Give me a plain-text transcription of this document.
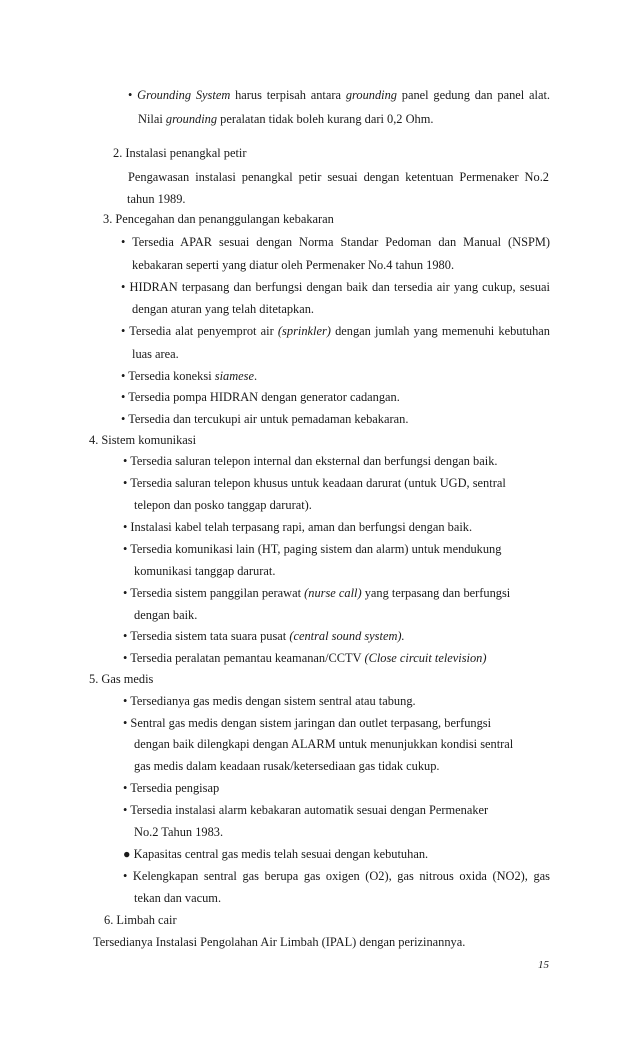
• Grounding System harus terpisah antara grounding panel gedung dan panel alat.
Nilai grounding peralatan tidak boleh kurang dari 0,2 Ohm.
2. Instalasi penangkal petir
Pengawasan instalasi penangkal petir sesuai dengan ketentuan Permenaker No.2
tahun 1989.
3. Pencegahan dan penanggulangan kebakaran
• Tersedia APAR sesuai dengan Norma Standar Pedoman dan Manual (NSPM)
kebakaran seperti yang diatur oleh Permenaker No.4 tahun 1980.
• HIDRAN terpasang dan berfungsi dengan baik dan tersedia air yang cukup, sesuai
dengan aturan yang telah ditetapkan.
• Tersedia alat penyemprot air (sprinkler) dengan jumlah yang memenuhi kebutuhan
luas area.
• Tersedia koneksi siamese.
• Tersedia pompa HIDRAN dengan generator cadangan.
• Tersedia dan tercukupi air untuk pemadaman kebakaran.
4. Sistem komunikasi
• Tersedia saluran telepon internal dan eksternal dan berfungsi dengan baik.
• Tersedia saluran telepon khusus untuk keadaan darurat (untuk UGD, sentral
telepon dan posko tanggap darurat).
• Instalasi kabel telah terpasang rapi, aman dan berfungsi dengan baik.
• Tersedia komunikasi lain (HT, paging sistem dan alarm) untuk mendukung
komunikasi tanggap darurat.
• Tersedia sistem panggilan perawat (nurse call) yang terpasang dan berfungsi
dengan baik.
• Tersedia sistem tata suara pusat (central sound system).
• Tersedia peralatan pemantau keamanan/CCTV (Close circuit television)
5. Gas medis
• Tersedianya gas medis dengan sistem sentral atau tabung.
• Sentral gas medis dengan sistem jaringan dan outlet terpasang, berfungsi
dengan baik dilengkapi dengan ALARM untuk menunjukkan kondisi sentral
gas medis dalam keadaan rusak/ketersediaan gas tidak cukup.
• Tersedia pengisap
• Tersedia instalasi alarm kebakaran automatik sesuai dengan Permenaker
No.2 Tahun 1983.
● Kapasitas central gas medis telah sesuai dengan kebutuhan.
• Kelengkapan sentral gas berupa gas oxigen (O2), gas nitrous oxida (NO2), gas
tekan dan vacum.
6. Limbah cair
Tersedianya Instalasi Pengolahan Air Limbah (IPAL) dengan perizinannya.
15
